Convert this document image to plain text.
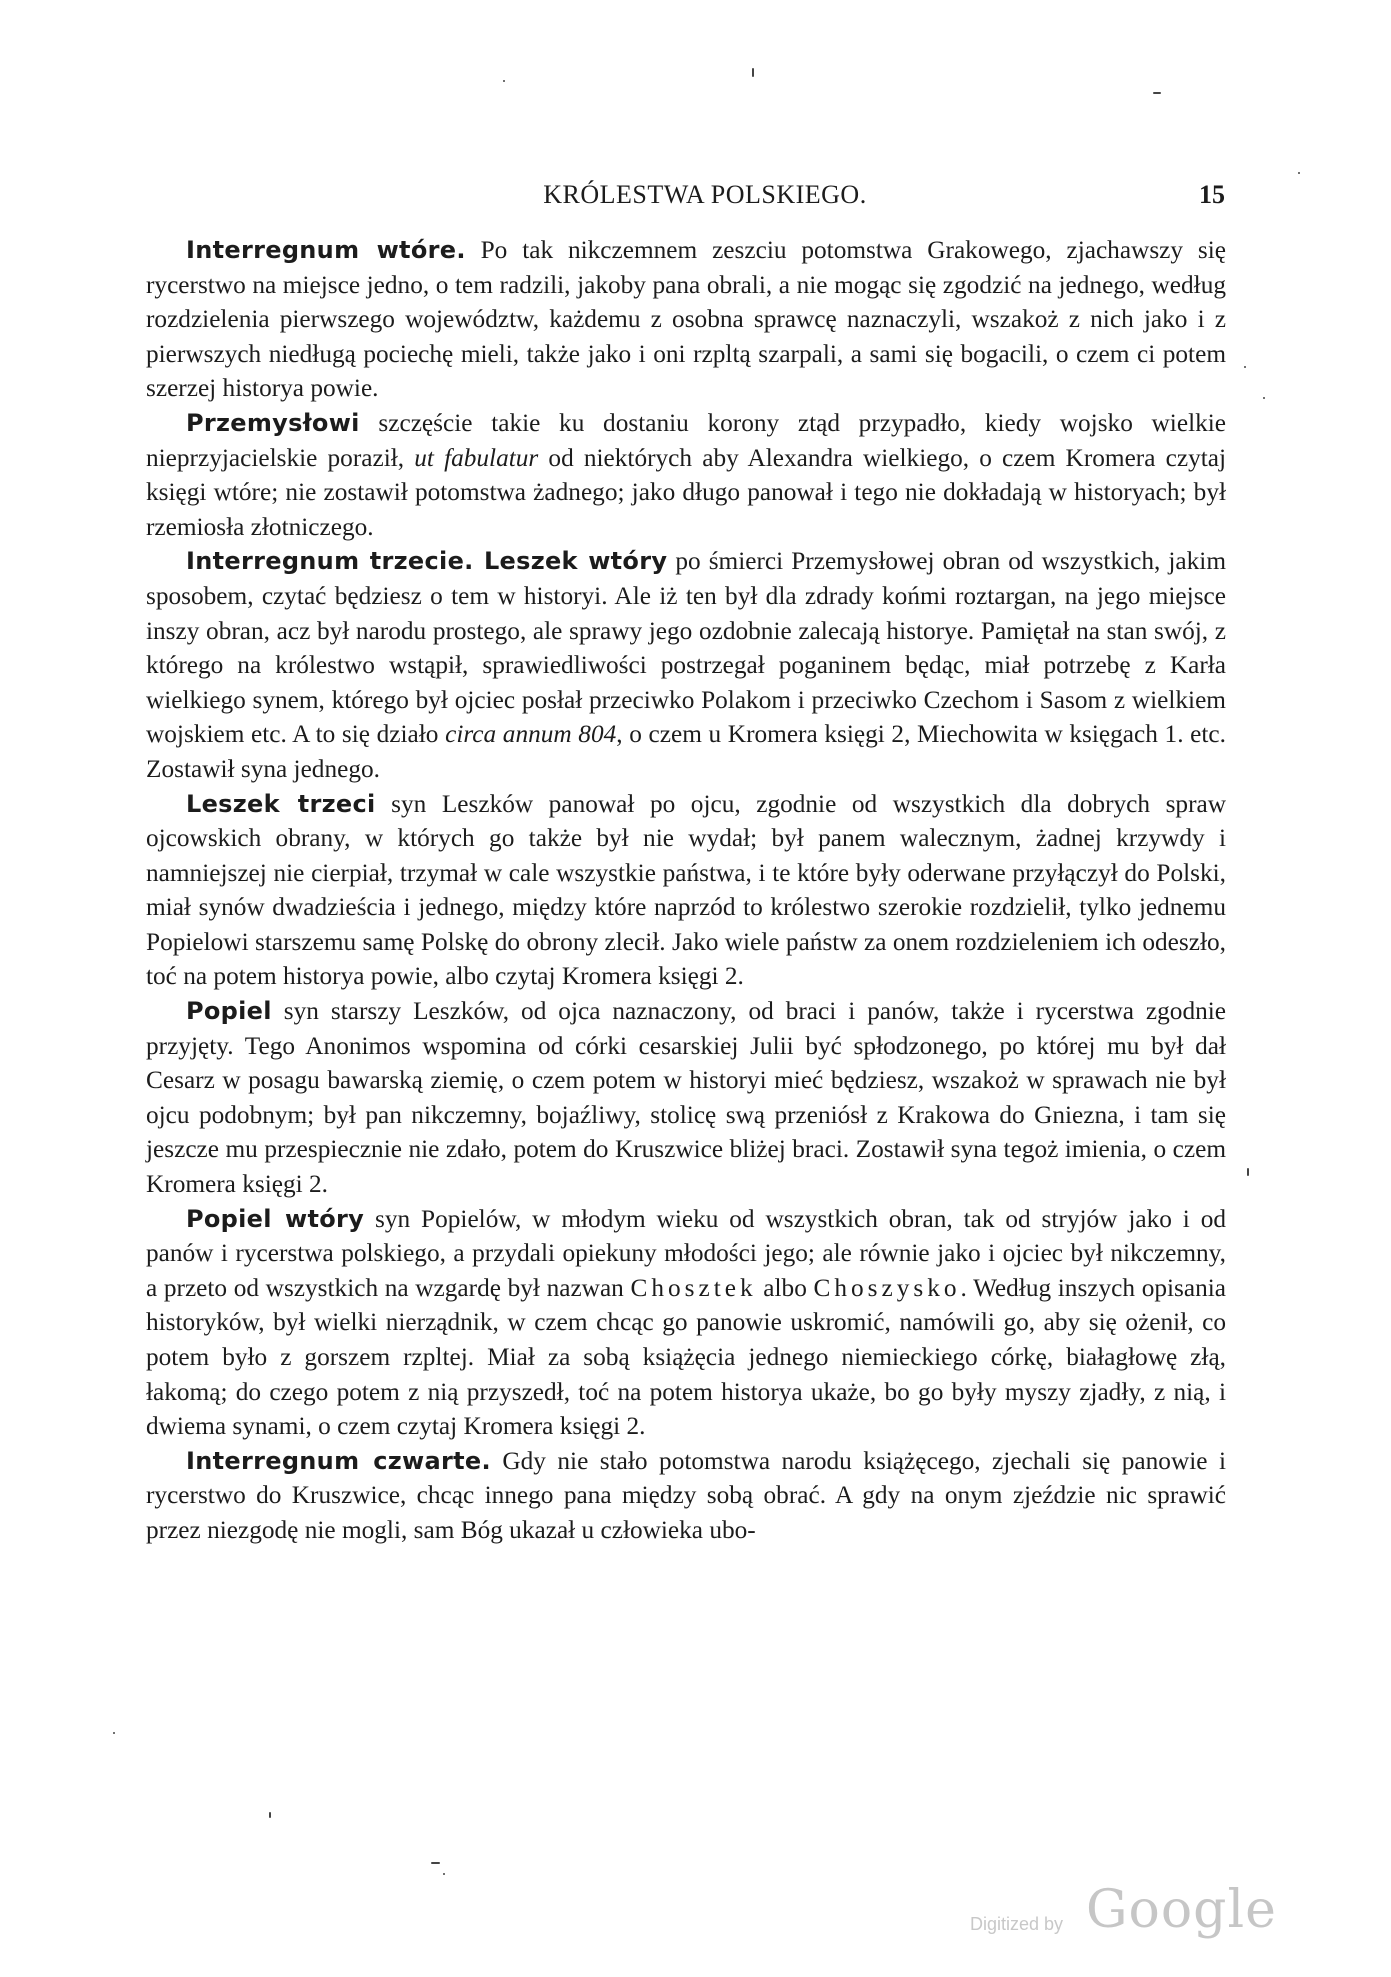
KRÓLESTWA POLSKIEGO.	15

Interregnum wtóre. Po tak nikczemnem zeszciu potomstwa Grakowego, zjachawszy się rycerstwo na miejsce jedno, o tem radzili, jakoby pana obrali, a nie mogąc się zgodzić na jednego, według rozdzielenia pierwszego województw, każdemu z osobna sprawcę naznaczyli, wszakoż z nich jako i z pierwszych niedługą pociechę mieli, także jako i oni rzpltą szarpali, a sami się bogacili, o czem ci potem szerzej historya powie.

Przemysłowi szczęście takie ku dostaniu korony ztąd przypadło, kiedy wojsko wielkie nieprzyjacielskie poraził, ut fabulatur od niektórych aby Alexandra wielkiego, o czem Kromera czytaj księgi wtóre; nie zostawił potomstwa żadnego; jako długo panował i tego nie dokładają w historyach; był rzemiosła złotniczego.

Interregnum trzecie. Leszek wtóry po śmierci Przemysłowej obran od wszystkich, jakim sposobem, czytać będziesz o tem w historyi. Ale iż ten był dla zdrady końmi roztargan, na jego miejsce inszy obran, acz był narodu prostego, ale sprawy jego ozdobnie zalecają historye. Pamiętał na stan swój, z którego na królestwo wstąpił, sprawiedliwości postrzegał poganinem będąc, miał potrzebę z Karła wielkiego synem, którego był ojciec posłał przeciwko Polakom i przeciwko Czechom i Sasom z wielkiem wojskiem etc. A to się działo circa annum 804, o czem u Kromera księgi 2, Miechowita w księgach 1. etc. Zostawił syna jednego.

Leszek trzeci syn Leszków panował po ojcu, zgodnie od wszystkich dla dobrych spraw ojcowskich obrany, w których go także był nie wydał; był panem walecznym, żadnej krzywdy i namniejszej nie cierpiał, trzymał w cale wszystkie państwa, i te które były oderwane przyłączył do Polski, miał synów dwadzieścia i jednego, między które naprzód to królestwo szerokie rozdzielił, tylko jednemu Popielowi starszemu samę Polskę do obrony zlecił. Jako wiele państw za onem rozdzieleniem ich odeszło, toć na potem historya powie, albo czytaj Kromera księgi 2.

Popiel syn starszy Leszków, od ojca naznaczony, od braci i panów, także i rycerstwa zgodnie przyjęty. Tego Anonimos wspomina od córki cesarskiej Julii być spłodzonego, po której mu był dał Cesarz w posagu bawarską ziemię, o czem potem w historyi mieć będziesz, wszakoż w sprawach nie był ojcu podobnym; był pan nikczemny, bojaźliwy, stolicę swą przeniósł z Krakowa do Gniezna, i tam się jeszcze mu przespiecznie nie zdało, potem do Kruszwice bliżej braci. Zostawił syna tegoż imienia, o czem Kromera księgi 2.

Popiel wtóry syn Popielów, w młodym wieku od wszystkich obran, tak od stryjów jako i od panów i rycerstwa polskiego, a przydali opiekuny młodości jego; ale równie jako i ojciec był nikczemny, a przeto od wszystkich na wzgardę był nazwan Chosztek albo Choszysko. Według inszych opisania historyków, był wielki nierządnik, w czem chcąc go panowie uskromić, namówili go, aby się ożenił, co potem było z gorszem rzpltej. Miał za sobą książęcia jednego niemieckiego córkę, białagłowę złą, łakomą; do czego potem z nią przyszedł, toć na potem historya ukaże, bo go były myszy zjadły, z nią, i dwiema synami, o czem czytaj Kromera księgi 2.

Interregnum czwarte. Gdy nie stało potomstwa narodu książęcego, zjechali się panowie i rycerstwo do Kruszwice, chcąc innego pana między sobą obrać. A gdy na onym zjeździe nic sprawić przez niezgodę nie mogli, sam Bóg ukazał u człowieka ubo-

Digitized by Google
